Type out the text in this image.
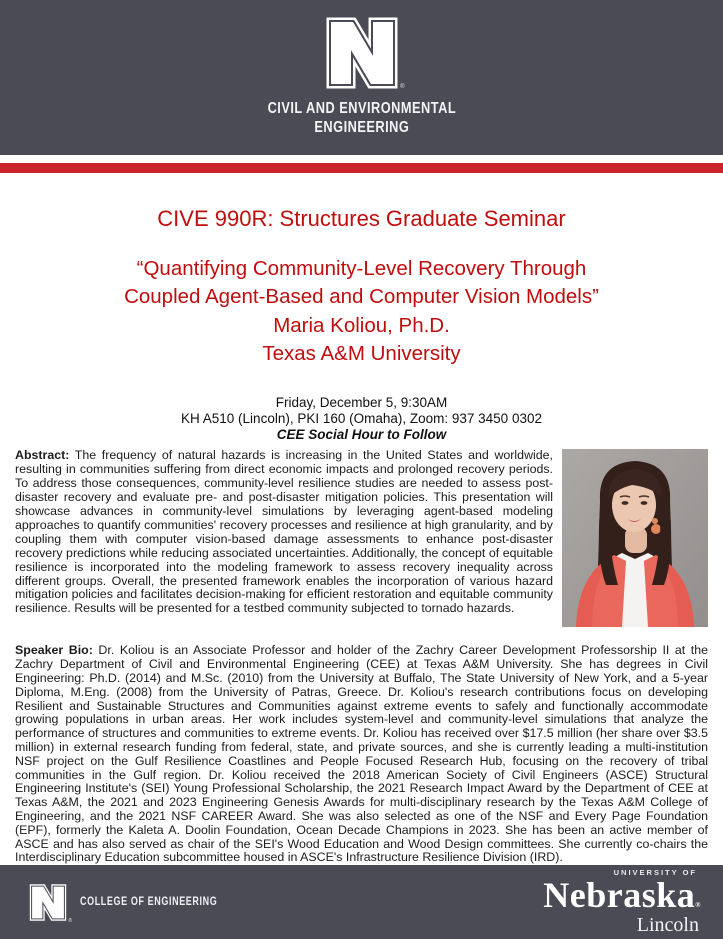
®
CIVIL AND ENVIRONMENTAL
ENGINEERING
CIVE 990R: Structures Graduate Seminar
“Quantifying Community-Level Recovery Through
Coupled Agent-Based and Computer Vision Models”
Maria Koliou, Ph.D.
Texas A&M University
Friday, December 5, 9:30AM
KH A510 (Lincoln), PKI 160 (Omaha), Zoom: 937 3450 0302
CEE Social Hour to Follow

Abstract: The frequency of natural hazards is increasing in the United States and worldwide, resulting in communities suffering from direct economic impacts and prolonged recovery periods. To address those consequences, community-level resilience studies are needed to assess post-disaster recovery and evaluate pre- and post-disaster mitigation policies. This presentation will showcase advances in community-level simulations by leveraging agent-based modeling approaches to quantify communities' recovery processes and resilience at high granularity, and by coupling them with computer vision-based damage assessments to enhance post-disaster recovery predictions while reducing associated uncertainties. Additionally, the concept of equitable resilience is incorporated into the modeling framework to assess recovery inequality across different groups. Overall, the presented framework enables the incorporation of various hazard mitigation policies and facilitates decision-making for efficient restoration and equitable community resilience. Results will be presented for a testbed community subjected to tornado hazards.

Speaker Bio: Dr. Koliou is an Associate Professor and holder of the Zachry Career Development Professorship II at the Zachry Department of Civil and Environmental Engineering (CEE) at Texas A&M University. She has degrees in Civil Engineering: Ph.D. (2014) and M.Sc. (2010) from the University at Buffalo, The State University of New York, and a 5-year Diploma, M.Eng. (2008) from the University of Patras, Greece. Dr. Koliou's research contributions focus on developing Resilient and Sustainable Structures and Communities against extreme events to safely and functionally accommodate growing populations in urban areas. Her work includes system-level and community-level simulations that analyze the performance of structures and communities to extreme events. Dr. Koliou has received over $17.5 million (her share over $3.5 million) in external research funding from federal, state, and private sources, and she is currently leading a multi-institution NSF project on the Gulf Resilience Coastlines and People Focused Research Hub, focusing on the recovery of tribal communities in the Gulf region. Dr. Koliou received the 2018 American Society of Civil Engineers (ASCE) Structural Engineering Institute's (SEI) Young Professional Scholarship, the 2021 Research Impact Award by the Department of CEE at Texas A&M, the 2021 and 2023 Engineering Genesis Awards for multi-disciplinary research by the Texas A&M College of Engineering, and the 2021 NSF CAREER Award. She was also selected as one of the NSF and Every Page Foundation (EPF), formerly the Kaleta A. Doolin Foundation, Ocean Decade Champions in 2023. She has been an active member of ASCE and has also served as chair of the SEI's Wood Education and Wood Design committees. She currently co-chairs the Interdisciplinary Education subcommittee housed in ASCE's Infrastructure Resilience Division (IRD).

®
COLLEGE OF ENGINEERING
UNIVERSITY OF
Nebraska®
Lincoln
